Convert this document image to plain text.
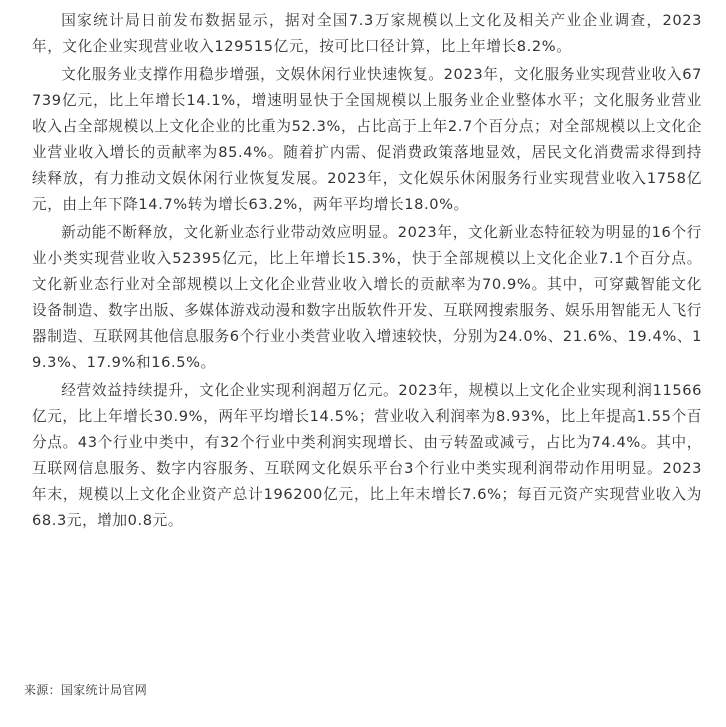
国家统计局日前发布数据显示，据对全国7.3万家规模以上文化及相关产业企业调查，2023年，文化企业实现营业收入129515亿元，按可比口径计算，比上年增长8.2%。

文化服务业支撑作用稳步增强，文娱休闲行业快速恢复。2023年，文化服务业实现营业收入67739亿元，比上年增长14.1%，增速明显快于全国规模以上服务业企业整体水平；文化服务业营业收入占全部规模以上文化企业的比重为52.3%，占比高于上年2.7个百分点；对全部规模以上文化企业营业收入增长的贡献率为85.4%。随着扩内需、促消费政策落地显效，居民文化消费需求得到持续释放，有力推动文娱休闲行业恢复发展。2023年，文化娱乐休闲服务行业实现营业收入1758亿元，由上年下降14.7%转为增长63.2%，两年平均增长18.0%。

新动能不断释放，文化新业态行业带动效应明显。2023年，文化新业态特征较为明显的16个行业小类实现营业收入52395亿元，比上年增长15.3%，快于全部规模以上文化企业7.1个百分点。文化新业态行业对全部规模以上文化企业营业收入增长的贡献率为70.9%。其中，可穿戴智能文化设备制造、数字出版、多媒体游戏动漫和数字出版软件开发、互联网搜索服务、娱乐用智能无人飞行器制造、互联网其他信息服务6个行业小类营业收入增速较快，分别为24.0%、21.6%、19.4%、19.3%、17.9%和16.5%。

经营效益持续提升，文化企业实现利润超万亿元。2023年，规模以上文化企业实现利润11566亿元，比上年增长30.9%，两年平均增长14.5%；营业收入利润率为8.93%，比上年提高1.55个百分点。43个行业中类中，有32个行业中类利润实现增长、由亏转盈或减亏，占比为74.4%。其中，互联网信息服务、数字内容服务、互联网文化娱乐平台3个行业中类实现利润带动作用明显。2023年末，规模以上文化企业资产总计196200亿元，比上年末增长7.6%；每百元资产实现营业收入为68.3元，增加0.8元。

来源：国家统计局官网
